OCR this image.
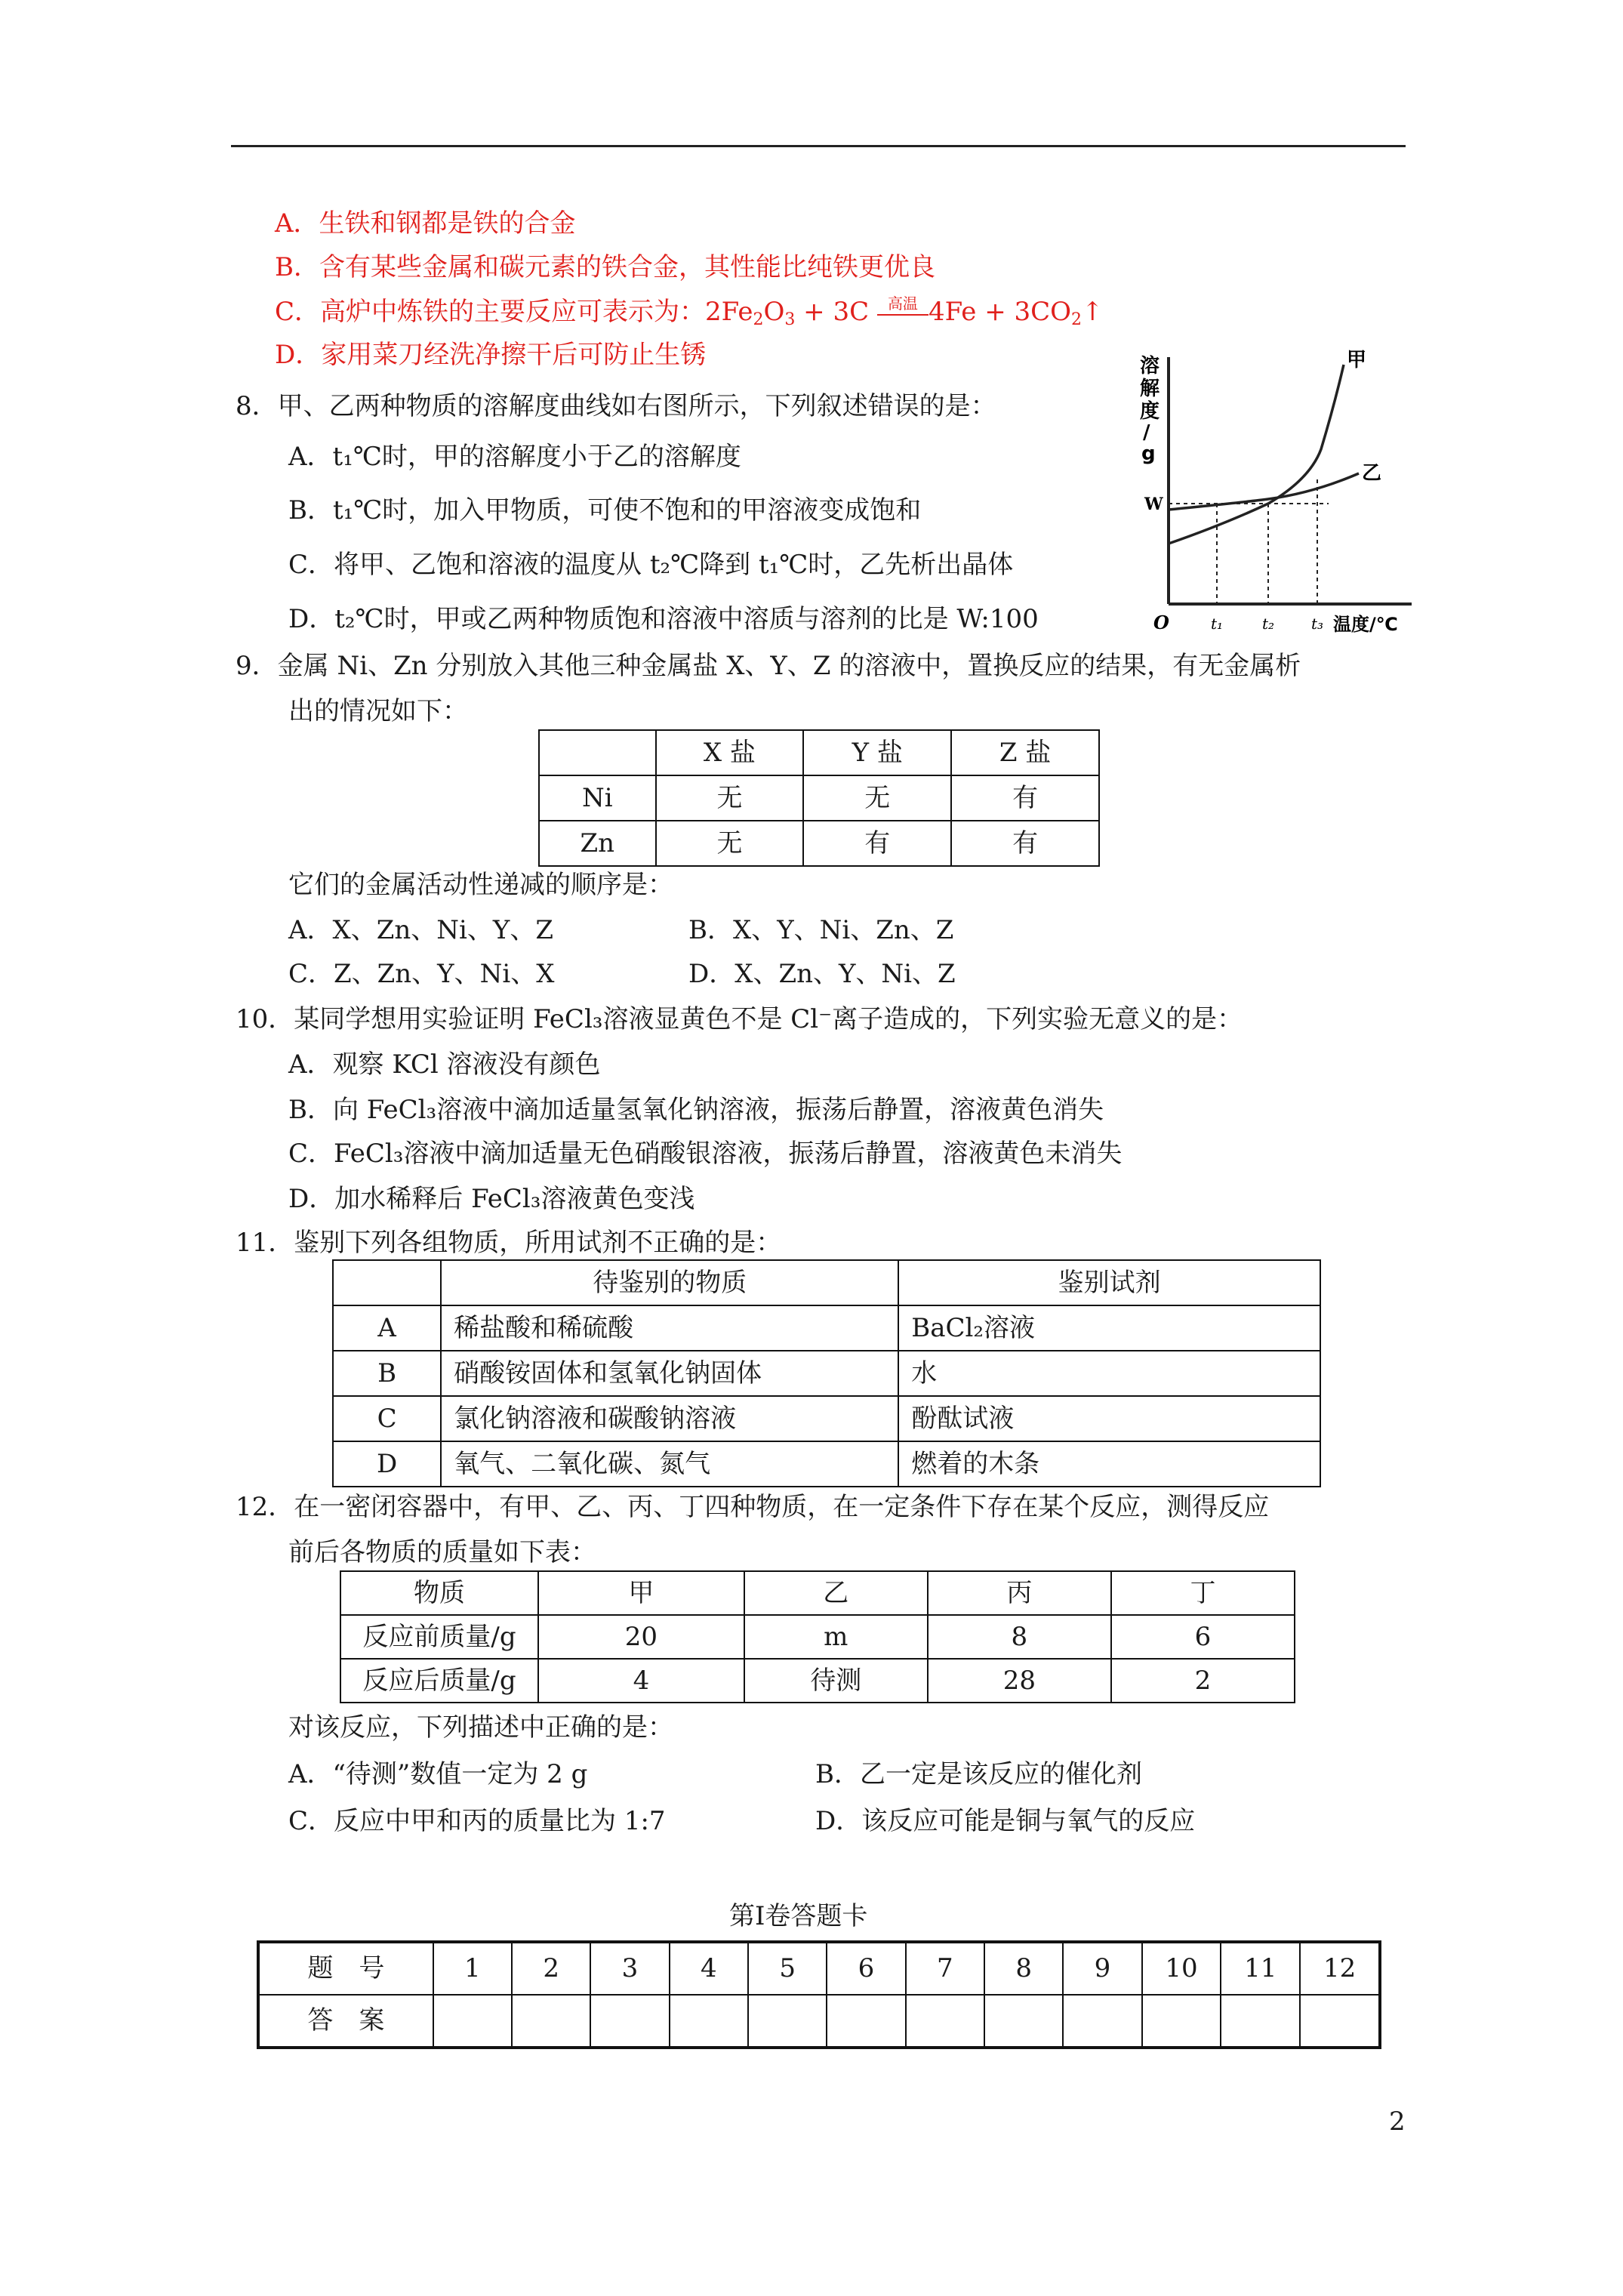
A．生铁和钢都是铁的合金
B．含有某些金属和碳元素的铁合金，其性能比纯铁更优良
C．高炉中炼铁的主要反应可表示为：$2Fe_2O_3 + 3C$	高温 $4Fe + 3CO_2↑$
D．家用菜刀经洗净擦干后可防止生锈
8．甲、乙两种物质的溶解度曲线如右图所示，下列叙述错误的是：
A．t₁℃时，甲的溶解度小于乙的溶解度
B．t₁℃时，加入甲物质，可使不饱和的甲溶液变成饱和
C．将甲、乙饱和溶液的温度从 t₂℃降到 t₁℃时，乙先析出晶体
D．t₂℃时，甲或乙两种物质饱和溶液中溶质与溶剂的比是 W:100
溶
解
度
/
g
W
甲
乙
O	t₁	t₂ t₃ 温度/℃
9．金属 Ni、Zn 分别放入其他三种金属盐 X、Y、Z 的溶液中，置换反应的结果，有无金属析
出的情况如下：
	X 盐	Y 盐	Z 盐
Ni	无	无	有
Zn	无	有	有
它们的金属活动性递减的顺序是：
A．X、Zn、Ni、Y、Z	B．X、Y、Ni、Zn、Z
C．Z、Zn、Y、Ni、X	D．X、Zn、Y、Ni、Z
10．某同学想用实验证明 FeCl₃溶液显黄色不是 Cl⁻离子造成的，下列实验无意义的是：
A．观察 KCl 溶液没有颜色
B．向 FeCl₃溶液中滴加适量氢氧化钠溶液，振荡后静置，溶液黄色消失
C．FeCl₃溶液中滴加适量无色硝酸银溶液，振荡后静置，溶液黄色未消失
D．加水稀释后 FeCl₃溶液黄色变浅
11．鉴别下列各组物质，所用试剂不正确的是：
	待鉴别的物质	鉴别试剂
A	稀盐酸和稀硫酸	BaCl₂溶液
B	硝酸铵固体和氢氧化钠固体	水
C	氯化钠溶液和碳酸钠溶液	酚酞试液
D	氧气、二氧化碳、氮气	燃着的木条
12．在一密闭容器中，有甲、乙、丙、丁四种物质，在一定条件下存在某个反应，测得反应
前后各物质的质量如下表：
物质	甲	乙	丙	丁
反应前质量/g	20	m	8	6
反应后质量/g	4	待测	28	2
对该反应，下列描述中正确的是：
A．“待测”数值一定为 2 g	B．乙一定是该反应的催化剂
C．反应中甲和丙的质量比为 1:7	D．该反应可能是铜与氧气的反应
第Ⅰ卷答题卡
题　号	1	2	3	4	5	6	7	8	9	10	11	12
答　案												
2
